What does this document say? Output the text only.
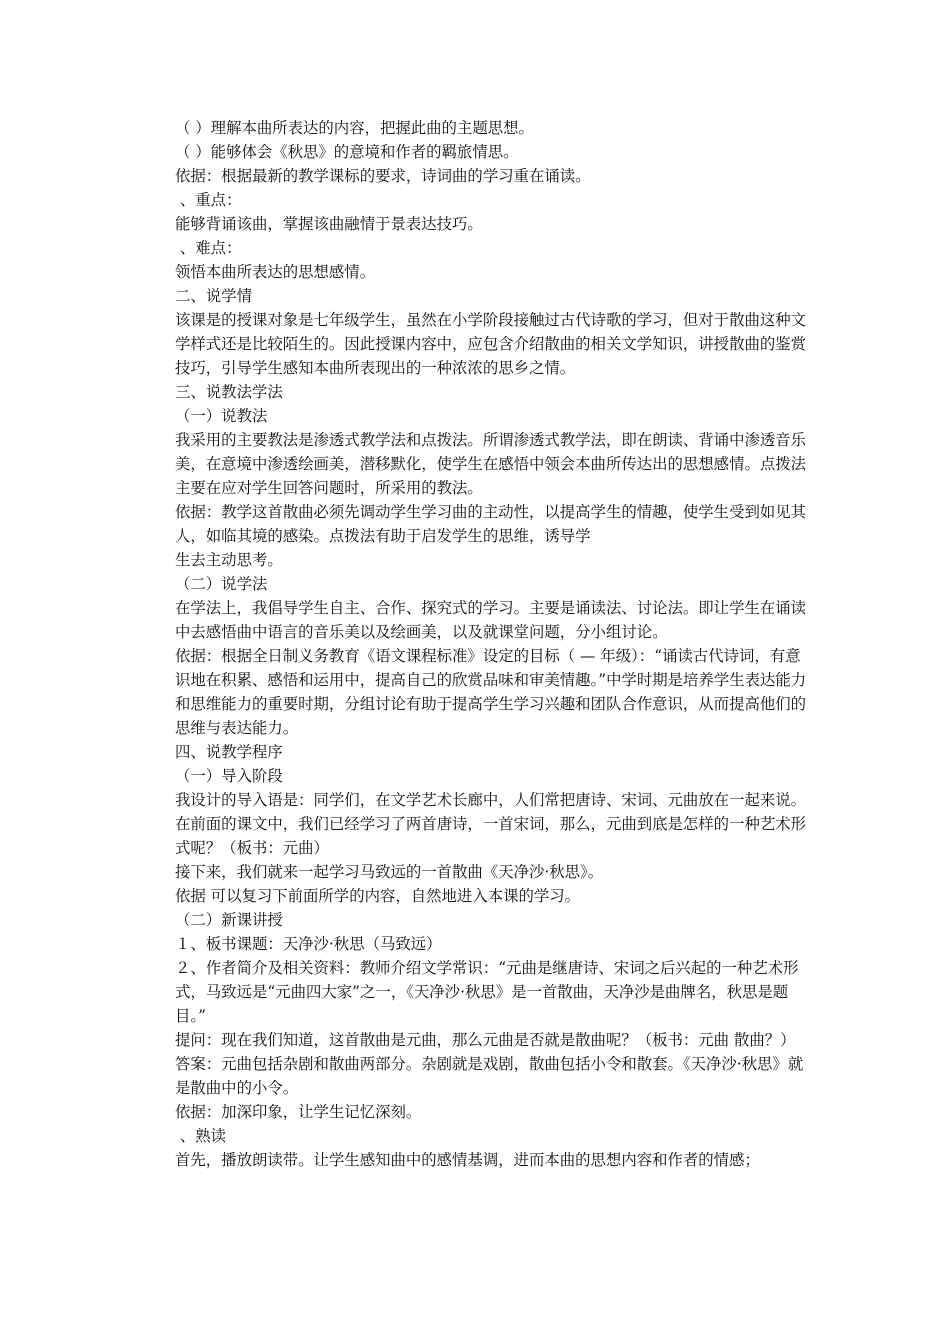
（ ）理解本曲所表达的内容，把握此曲的主题思想。

（ ）能够体会《秋思》的意境和作者的羁旅情思。

依据：根据最新的教学课标的要求，诗词曲的学习重在诵读。

、重点：

能够背诵该曲，掌握该曲融情于景表达技巧。

、难点：

领悟本曲所表达的思想感情。

二、说学情

该课是的授课对象是七年级学生，虽然在小学阶段接触过古代诗歌的学习，但对于散曲这种文学样式还是比较陌生的。因此授课内容中，应包含介绍散曲的相关文学知识，讲授散曲的鉴赏技巧，引导学生感知本曲所表现出的一种浓浓的思乡之情。

三、说教法学法

（一）说教法

我采用的主要教法是渗透式教学法和点拨法。所谓渗透式教学法，即在朗读、背诵中渗透音乐美，在意境中渗透绘画美，潜移默化，使学生在感悟中领会本曲所传达出的思想感情。点拨法主要在应对学生回答问题时，所采用的教法。

依据：教学这首散曲必须先调动学生学习曲的主动性，以提高学生的情趣，使学生受到如见其人，如临其境的感染。点拨法有助于启发学生的思维，诱导学

生去主动思考。

（二）说学法

在学法上，我倡导学生自主、合作、探究式的学习。主要是诵读法、讨论法。即让学生在诵读中去感悟曲中语言的音乐美以及绘画美，以及就课堂问题，分小组讨论。

依据：根据全日制义务教育《语文课程标准》设定的目标（ — 年级）：“诵读古代诗词，有意识地在积累、感悟和运用中，提高自己的欣赏品味和审美情趣。”中学时期是培养学生表达能力和思维能力的重要时期，分组讨论有助于提高学生学习兴趣和团队合作意识，从而提高他们的思维与表达能力。

四、说教学程序

（一）导入阶段

我设计的导入语是：同学们，在文学艺术长廊中，人们常把唐诗、宋词、元曲放在一起来说。在前面的课文中，我们已经学习了两首唐诗，一首宋词，那么，元曲到底是怎样的一种艺术形式呢？（板书：元曲）

接下来，我们就来一起学习马致远的一首散曲《天净沙·秋思》。

依据 可以复习下前面所学的内容，自然地进入本课的学习。

（二）新课讲授

１、板书课题：天净沙·秋思（马致远）

２、作者简介及相关资料：教师介绍文学常识：“元曲是继唐诗、宋词之后兴起的一种艺术形式，马致远是“元曲四大家”之一，《天净沙·秋思》是一首散曲，天净沙是曲牌名，秋思是题目。”

提问：现在我们知道，这首散曲是元曲，那么元曲是否就是散曲呢？（板书：元曲 散曲？）

答案：元曲包括杂剧和散曲两部分。杂剧就是戏剧，散曲包括小令和散套。《天净沙·秋思》就是散曲中的小令。

依据：加深印象，让学生记忆深刻。

、熟读

首先，播放朗读带。让学生感知曲中的感情基调，进而本曲的思想内容和作者的情感；
